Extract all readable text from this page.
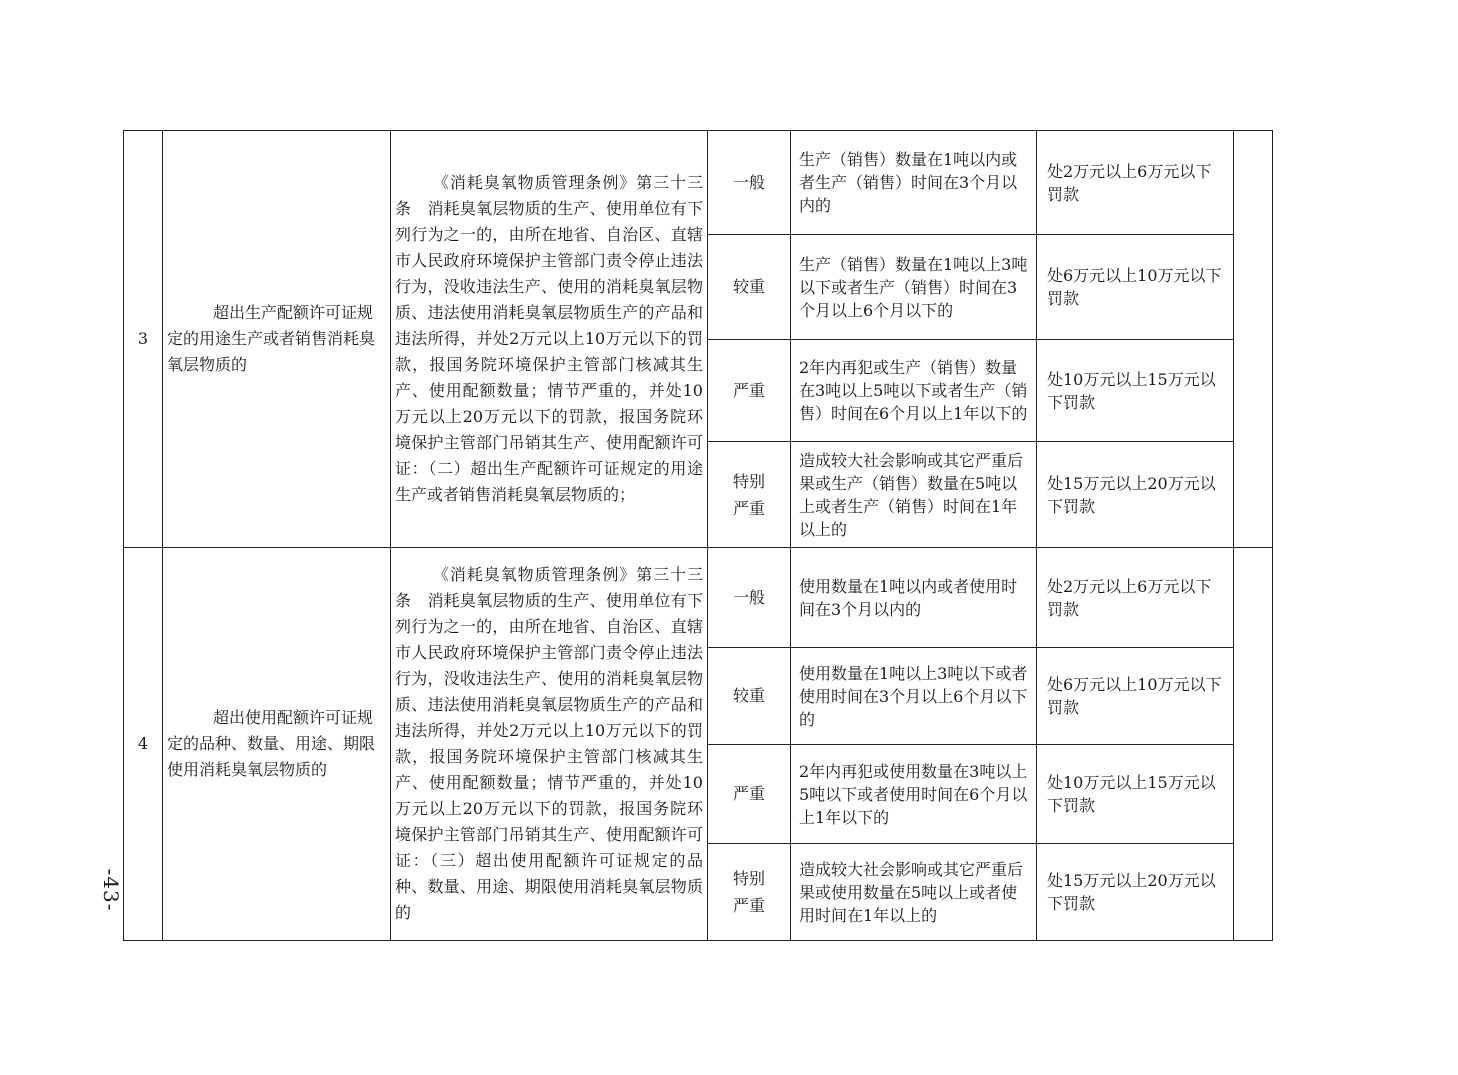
3	超出生产配额许可证规定的用途生产或者销售消耗臭氧层物质的	《消耗臭氧物质管理条例》第三十三条　消耗臭氧层物质的生产、使用单位有下列行为之一的，由所在地省、自治区、直辖市人民政府环境保护主管部门责令停止违法行为，没收违法生产、使用的消耗臭氧层物质、违法使用消耗臭氧层物质生产的产品和违法所得，并处2万元以上10万元以下的罚款，报国务院环境保护主管部门核减其生产、使用配额数量；情节严重的，并处10万元以上20万元以下的罚款，报国务院环境保护主管部门吊销其生产、使用配额许可证：（二）超出生产配额许可证规定的用途生产或者销售消耗臭氧层物质的；	一般	生产（销售）数量在1吨以内或者生产（销售）时间在3个月以内的	处2万元以上6万元以下罚款	
			较重	生产（销售）数量在1吨以上3吨以下或者生产（销售）时间在3个月以上6个月以下的	处6万元以上10万元以下罚款	
			严重	2年内再犯或生产（销售）数量在3吨以上5吨以下或者生产（销售）时间在6个月以上1年以下的	处10万元以上15万元以下罚款	
			特别严重	造成较大社会影响或其它严重后果或生产（销售）数量在5吨以上或者生产（销售）时间在1年以上的	处15万元以上20万元以下罚款	
4	超出使用配额许可证规定的品种、数量、用途、期限使用消耗臭氧层物质的	《消耗臭氧物质管理条例》第三十三条　消耗臭氧层物质的生产、使用单位有下列行为之一的，由所在地省、自治区、直辖市人民政府环境保护主管部门责令停止违法行为，没收违法生产、使用的消耗臭氧层物质、违法使用消耗臭氧层物质生产的产品和违法所得，并处2万元以上10万元以下的罚款，报国务院环境保护主管部门核减其生产、使用配额数量；情节严重的，并处10万元以上20万元以下的罚款，报国务院环境保护主管部门吊销其生产、使用配额许可证：（三）超出使用配额许可证规定的品种、数量、用途、期限使用消耗臭氧层物质的	一般	使用数量在1吨以内或者使用时间在3个月以内的	处2万元以上6万元以下罚款	
			较重	使用数量在1吨以上3吨以下或者使用时间在3个月以上6个月以下的	处6万元以上10万元以下罚款	
			严重	2年内再犯或使用数量在3吨以上5吨以下或者使用时间在6个月以上1年以下的	处10万元以上15万元以下罚款	
			特别严重	造成较大社会影响或其它严重后果或使用数量在5吨以上或者使用时间在1年以上的	处15万元以上20万元以下罚款	
-43-
